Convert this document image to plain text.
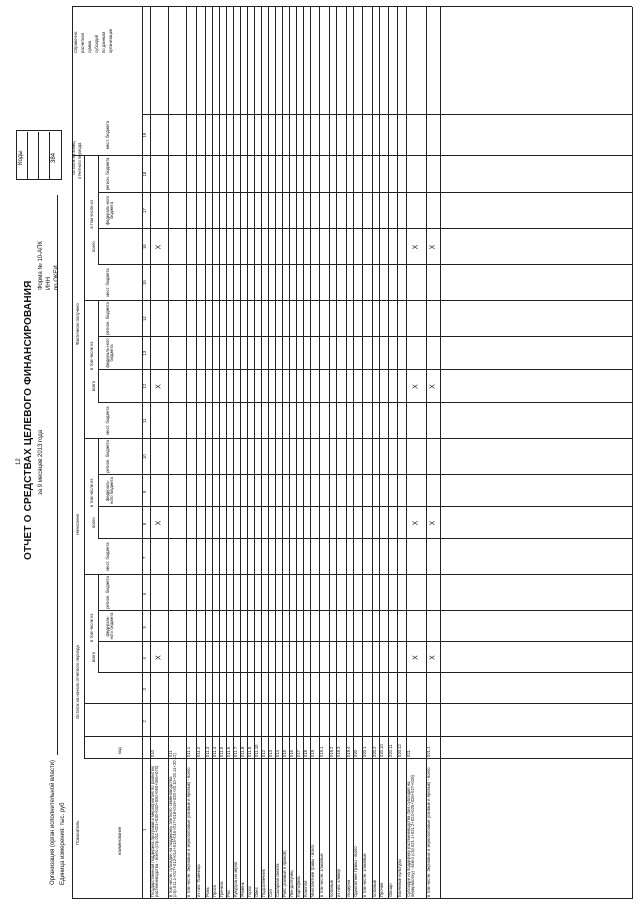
12 ОТЧЕТ О СРЕДСТВАХ ЦЕЛЕВОГО ФИНАНСИРОВАНИЯ за 9 месяцев 2013 года
Организация (орган исполнительной власти) Единица измерения: тыс. руб
Форма № 10-АПК ИНН по ОКЕИ
Коды	384
в том числе из
в том числе из
в том числе из
в том числе из
Показатель	наименование
код
Остаток на начало отчетного периода
Начислено
Фактически получено
Остаток на конец отчетного периода
Справочно: расчетная сумма субсидий по данным организации
всего
федераль-ного бюджета
регион. бюджета
мест. бюджета
всего
федераль-ного бюджета
регион. бюджета
мест. бюджета
всего
федераль-ного бюджета
регион. бюджета
мест. бюджета
всего
федераль-ного бюджета
регион. бюджета
мест. бюджета
1
2
3
4
5
6
7
8
9
10
11
12
13
14
15
16
17
18
19
Государственная поддержка программ и мероприятий по развитию растениеводства - всего (стр.011+021+030+040+050+060+065+070)
010
X
X
X
X
в том числе: субсидии на поддержку элитного семеноводства (стр.011.1+017+013+014+015+016+017+018+019+020+20.10+20.11+20.12)
011
в том числе: Зерновые и зернобобовые (озимые и яровые) - всего
011.1
из них: Пшеница
011.2
Рожь
011.3
Просо
011.4
Гречиха
011.5
Рис
011.6
Кукуруза на зерно
011.7
Ячмень
011.8
Горох
011.9
Овес
011.10
Подсолнечник
012
Соя
013
Сахарная свекла
014
Рапс (озимый и яровой)
015
Лен-долгунец
016
Картофель
017
Конопля
018
Многолетние травы - всего
019
в том числе: злаковые
019.1
бобовые
019.2
из них: клевер
019.3
люцерна
019.4
Однолетние травы - всего
020
в том числе: злаковые
020.1
бобовые
020.2
Прочие
020.10
Овощи
020.11
Бахчевые культуры
020.12
Субсидии на поддержку растениеводства (без субсидий на переработку) - всего (стр.021.1+021.2+024+025+026+027+028)
021
X
X
X
X
в том числе: Зерновые и зернобобовые (озимые и яровые) - всего
021.1
X
X
X
X
